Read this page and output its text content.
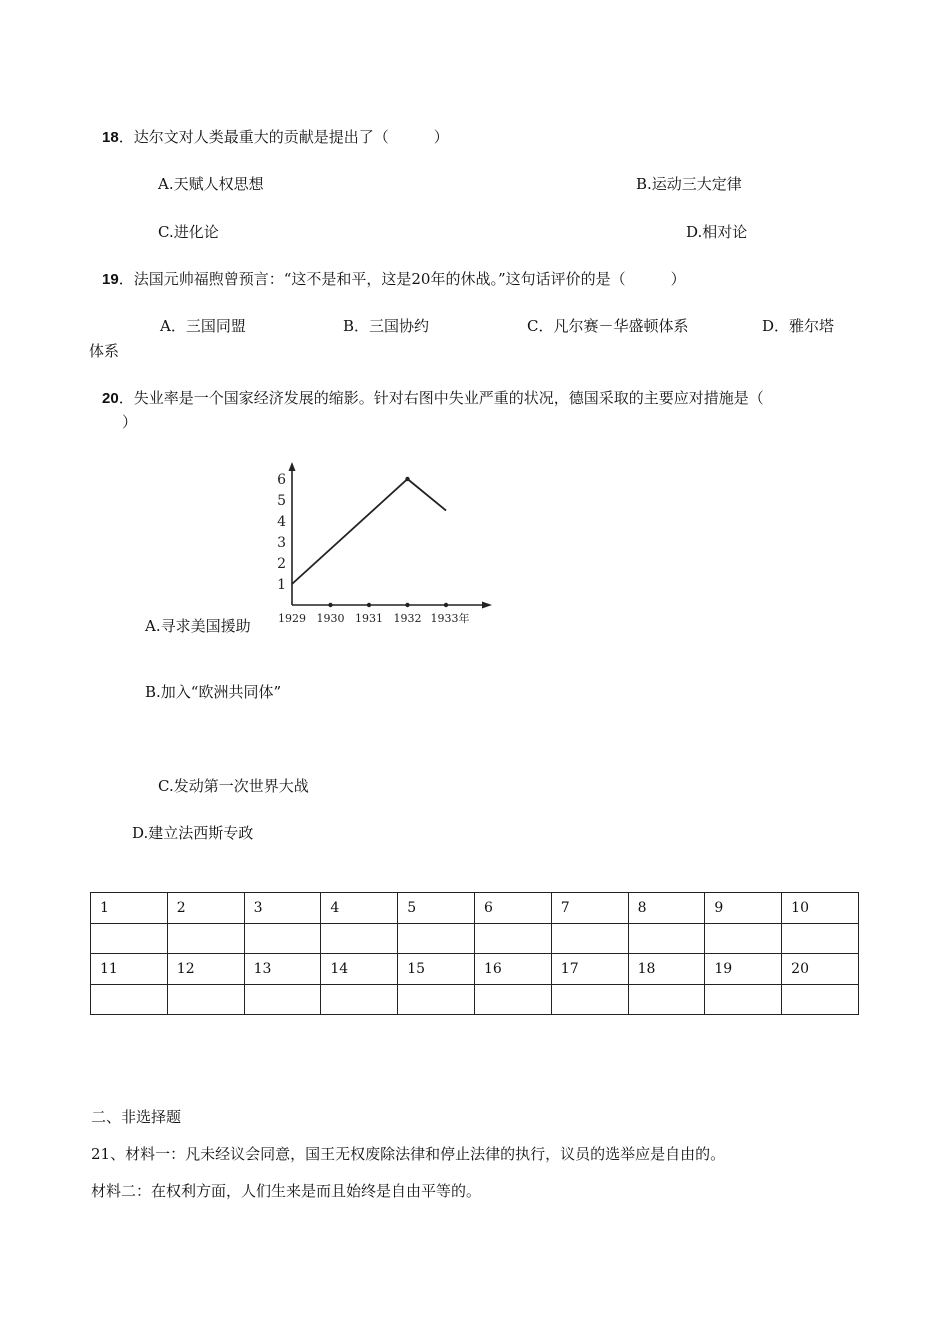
18．达尔文对人类最重大的贡献是提出了（　　　）
A.天赋人权思想	B.运动三大定律
C.进化论	D.相对论
19．法国元帅福煦曾预言：“这不是和平，这是20年的休战。”这句话评价的是（　　　）
A．三国同盟	B．三国协约	C．凡尔赛－华盛顿体系	D．雅尔塔
体系
20．失业率是一个国家经济发展的缩影。针对右图中失业严重的状况，德国采取的主要应对措施是（
）
1
2
3
4
5
6
1929 1930 1931 1932 1933年
A.寻求美国援助
B.加入“欧洲共同体”
C.发动第一次世界大战
D.建立法西斯专政
1	2	3	4	5	6	7	8	9	10

11	12	13	14	15	16	17	18	19	20

二、非选择题
21、材料一：凡未经议会同意，国王无权废除法律和停止法律的执行，议员的选举应是自由的。
材料二：在权利方面，人们生来是而且始终是自由平等的。
